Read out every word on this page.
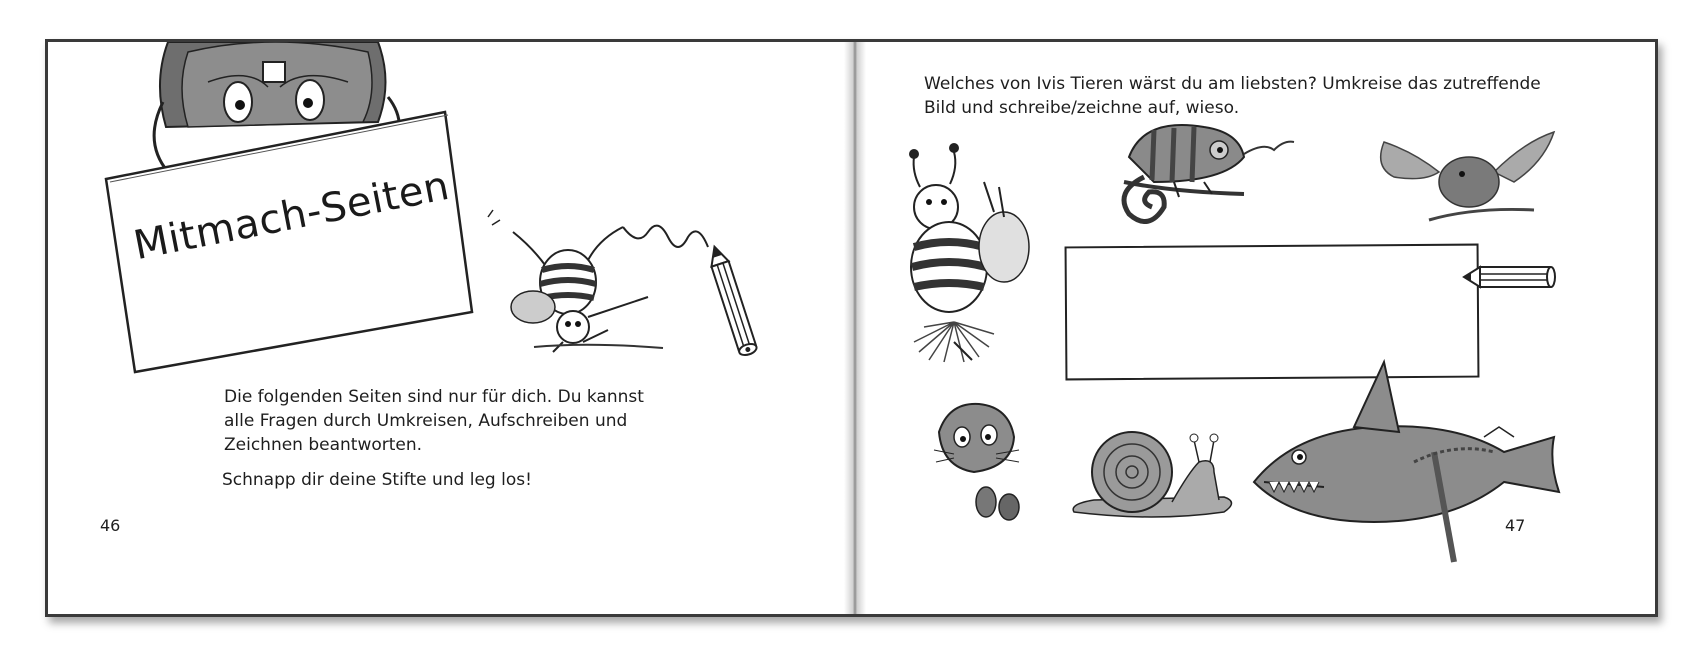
Mitmach-Seiten
Die folgenden Seiten sind nur für dich. Du kannst alle Fragen durch Umkreisen, Aufschreiben und Zeichnen beantworten.
Schnapp dir deine Stifte und leg los!
46
Welches von Ivis Tieren wärst du am liebsten? Umkreise das zutreffende Bild und schreibe/zeichne auf, wieso.
47
